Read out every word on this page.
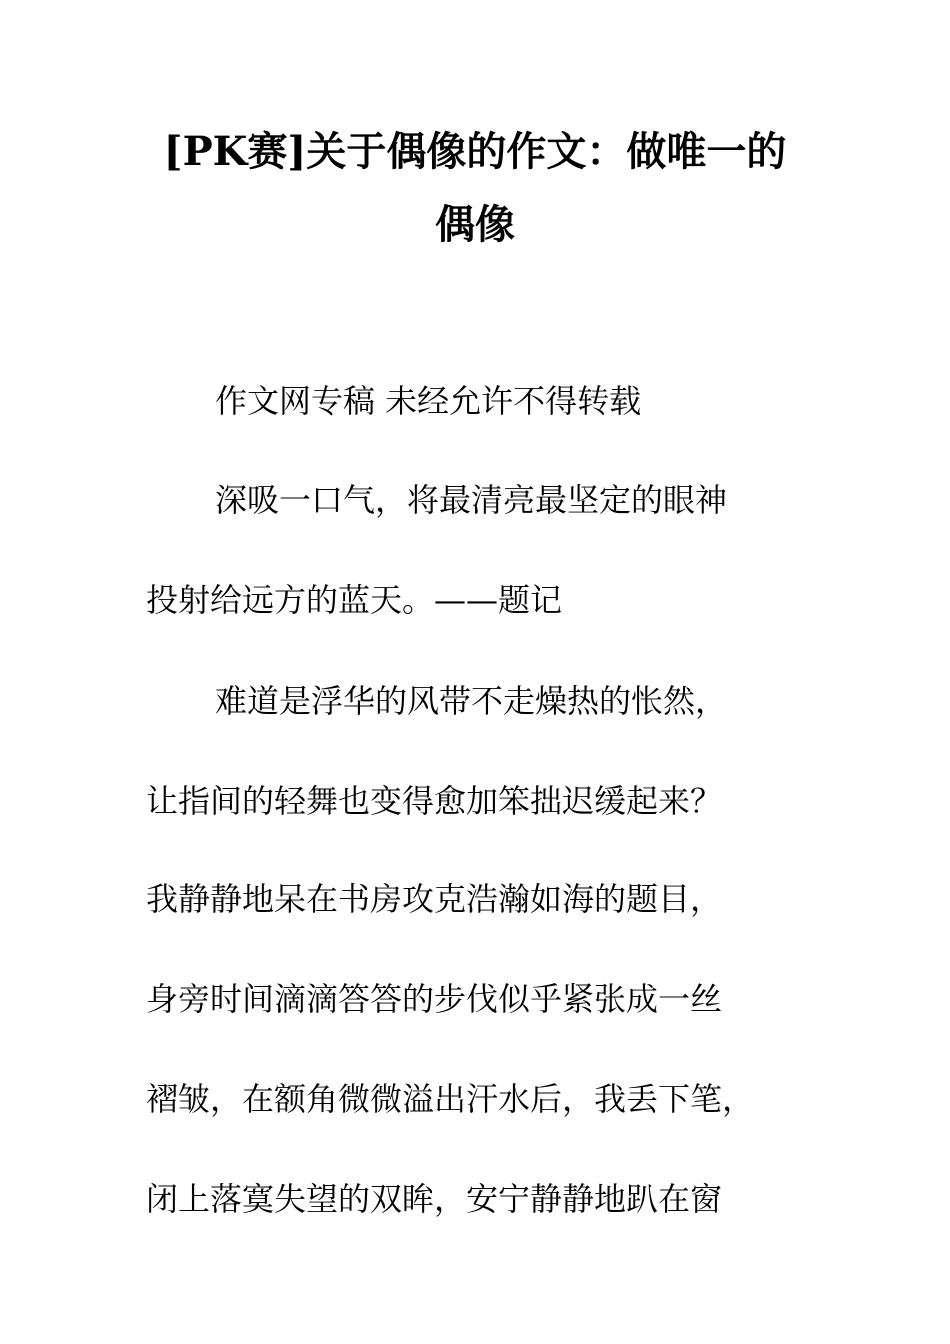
[PK赛]关于偶像的作文：做唯一的
偶像
作文网专稿 未经允许不得转载
深吸一口气，将最清亮最坚定的眼神
投射给远方的蓝天。——题记
难道是浮华的风带不走燥热的怅然，
让指间的轻舞也变得愈加笨拙迟缓起来？
我静静地呆在书房攻克浩瀚如海的题目，
身旁时间滴滴答答的步伐似乎紧张成一丝
褶皱，在额角微微溢出汗水后，我丢下笔，
闭上落寞失望的双眸，安宁静静地趴在窗
